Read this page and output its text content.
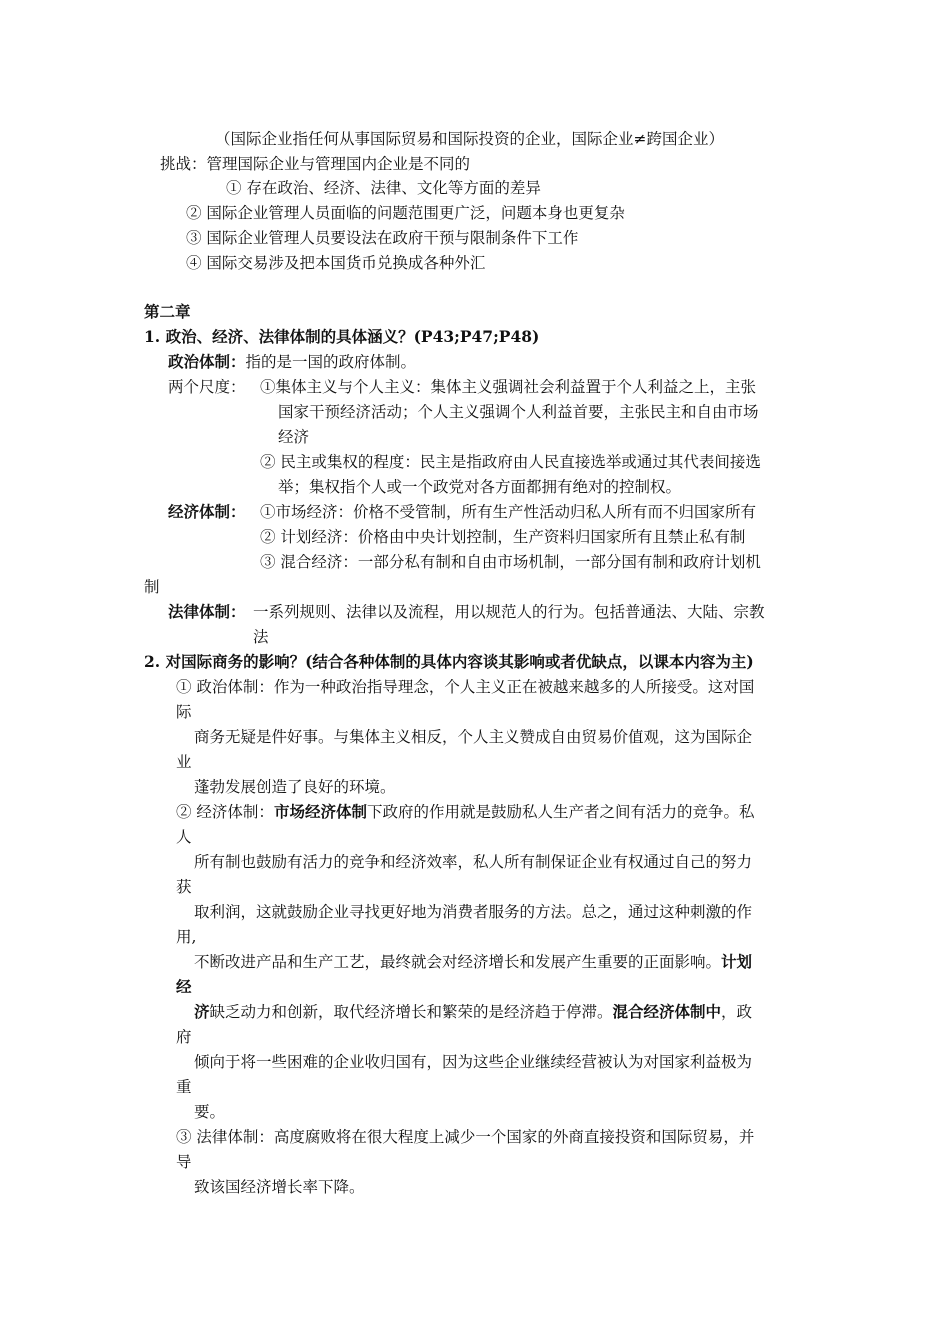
（国际企业指任何从事国际贸易和国际投资的企业，国际企业≠跨国企业）
挑战：管理国际企业与管理国内企业是不同的
① 存在政治、经济、法律、文化等方面的差异
② 国际企业管理人员面临的问题范围更广泛，问题本身也更复杂
③ 国际企业管理人员要设法在政府干预与限制条件下工作
④ 国际交易涉及把本国货币兑换成各种外汇
第二章
1. 政治、经济、法律体制的具体涵义？(P43;P47;P48)
政治体制：指的是一国的政府体制。
两个尺度： ①集体主义与个人主义：集体主义强调社会利益置于个人利益之上，主张
国家干预经济活动；个人主义强调个人利益首要，主张民主和自由市场
经济
② 民主或集权的程度：民主是指政府由人民直接选举或通过其代表间接选
举；集权指个人或一个政党对各方面都拥有绝对的控制权。
经济体制： ①市场经济：价格不受管制，所有生产性活动归私人所有而不归国家所有
② 计划经济：价格由中央计划控制，生产资料归国家所有且禁止私有制
③ 混合经济：一部分私有制和自由市场机制，一部分国有制和政府计划机
制
法律体制： 一系列规则、法律以及流程，用以规范人的行为。包括普通法、大陆、宗教
法
2. 对国际商务的影响？(结合各种体制的具体内容谈其影响或者优缺点，以课本内容为主)
① 政治体制：作为一种政治指导理念，个人主义正在被越来越多的人所接受。这对国
际
商务无疑是件好事。与集体主义相反，个人主义赞成自由贸易价值观，这为国际企
业
蓬勃发展创造了良好的环境。
② 经济体制：市场经济体制下政府的作用就是鼓励私人生产者之间有活力的竞争。私
人
所有制也鼓励有活力的竞争和经济效率，私人所有制保证企业有权通过自己的努力
获
取利润，这就鼓励企业寻找更好地为消费者服务的方法。总之，通过这种刺激的作
用,
不断改进产品和生产工艺，最终就会对经济增长和发展产生重要的正面影响。计划
经
济缺乏动力和创新，取代经济增长和繁荣的是经济趋于停滞。混合经济体制中，政
府
倾向于将一些困难的企业收归国有，因为这些企业继续经营被认为对国家利益极为
重
要。
③ 法律体制：高度腐败将在很大程度上减少一个国家的外商直接投资和国际贸易，并
导
致该国经济增长率下降。
